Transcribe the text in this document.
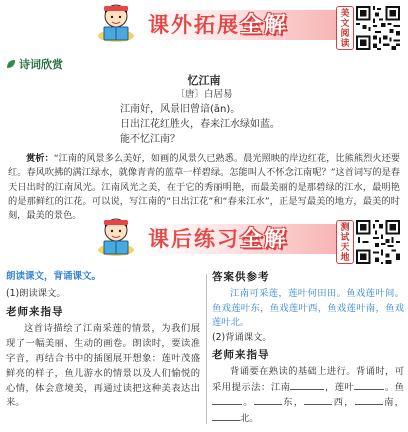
课外拓展全解	美
文
阅
读
诗词欣赏
忆江南
〔唐〕白居易
江南好，风景旧曾谙(ān)。
日出江花红胜火，春来江水绿如蓝。
能不忆江南？
赏析：“江南的风景多么美好，如画的风景久已熟悉。晨光照映的岸边红花，比熊熊烈火还要红。春风吹拂的满江绿水，就像青青的蓝草一样碧绿。怎能叫人不怀念江南呢？”这首词写的是春天日出时的江南风光。江南风光之美，在于它的秀丽明艳，而最美丽的是那碧绿的江水，最明艳的是那鲜红的江花。可以说，写江南的“日出江花”和“春来江水”，正是写最美的地方，最美的时刻，最美的景色。
课后练习全解	测
试
天
地
朗读课文，背诵课文。
(1)朗读课文。
老师来指导
这首诗描绘了江南采莲的情景，为我们展现了一幅美丽、生动的画卷。朗读时，要读准字音，再结合书中的插图展开想象：莲叶茂盛鲜亮的样子，鱼儿游水的情景以及人们愉悦的心情，体会意境美，再通过读把这种美表达出来。
答案供参考
江南可采莲，莲叶何田田。鱼戏莲叶间。鱼戏莲叶东，鱼戏莲叶西，鱼戏莲叶南，鱼戏莲叶北。
(2)背诵课文。
老师来指导
背诵要在熟读的基础上进行。背诵时，可采用提示法：江南	，莲叶	。鱼。	东，	西，	南，北。
